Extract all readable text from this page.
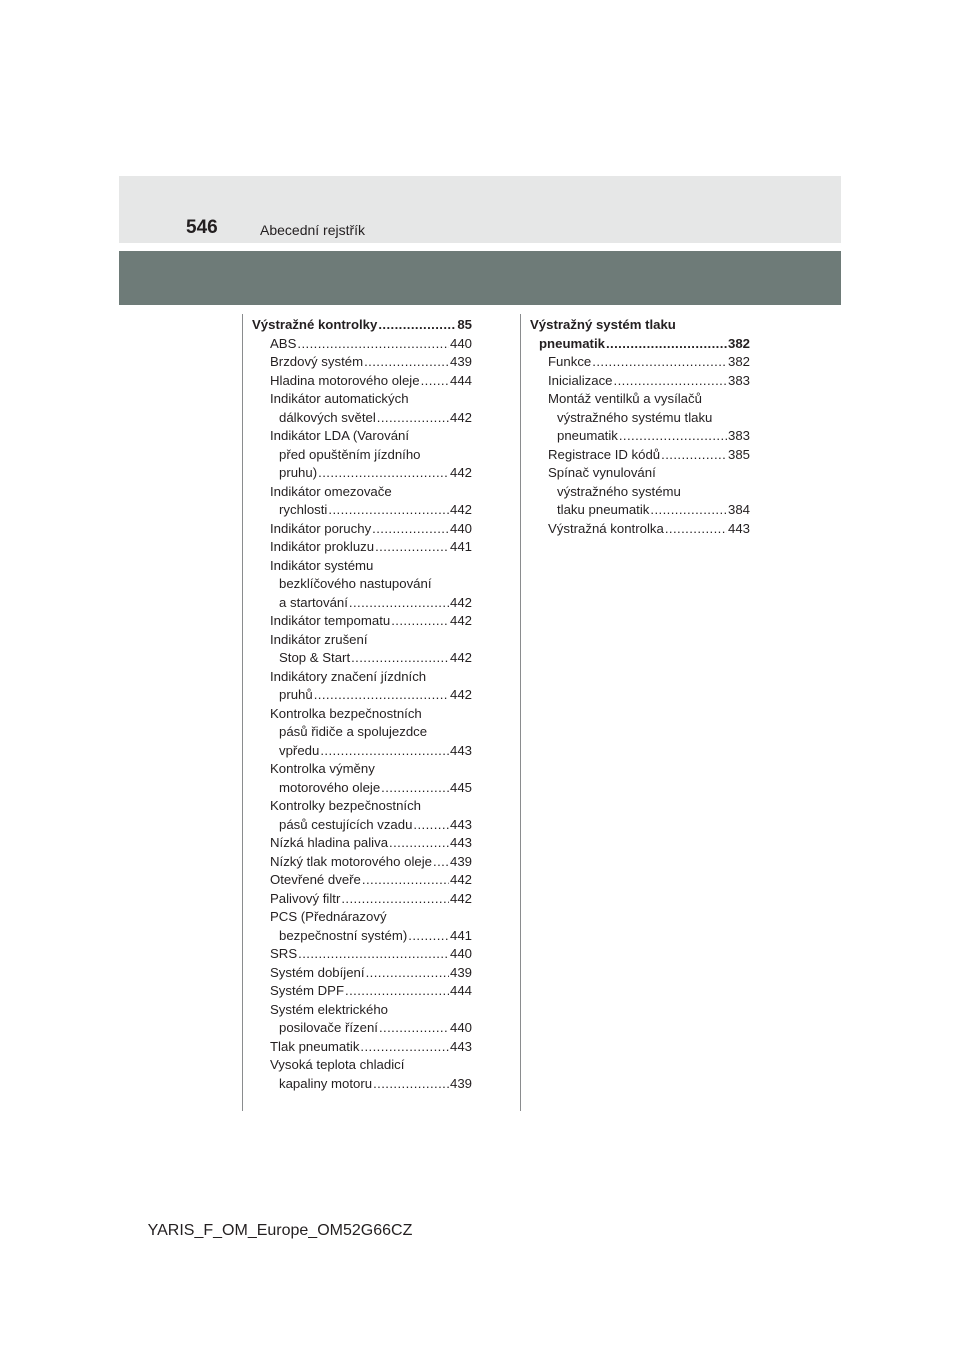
546	Abecední rejstřík
Výstražné kontrolky .....	85
ABS .....	440
Brzdový systém .....	439
Hladina motorového oleje ..... 444
Indikátor automatických
dálkových světel .....	442
Indikátor LDA (Varování
před opuštěním jízdního
pruhu) .....	442
Indikátor omezovače
rychlosti .....	442
Indikátor poruchy .....	440
Indikátor prokluzu .....	441
Indikátor systému
bezklíčového nastupování
a startování .....	442
Indikátor tempomatu .....	442
Indikátor zrušení
Stop & Start .....	442
Indikátory značení jízdních
pruhů .....	442
Kontrolka bezpečnostních
pásů řidiče a spolujezdce
vpředu .....	443
Kontrolka výměny
motorového oleje .....	445
Kontrolky bezpečnostních
pásů cestujících vzadu .....	443
Nízká hladina paliva .....	443
Nízký tlak motorového oleje ..... 439
Otevřené dveře .....	442
Palivový filtr .....	442
PCS (Přednárazový
bezpečnostní systém) .....	441
SRS .....	440
Systém dobíjení .....	439
Systém DPF .....	444
Systém elektrického
posilovače řízení .....	440
Tlak pneumatik .....	443
Vysoká teplota chladicí
kapaliny motoru .....	439
Výstražný systém tlaku
pneumatik .....	382
Funkce .....	382
Inicializace .....	383
Montáž ventilků a vysílačů
výstražného systému tlaku
pneumatik .....	383
Registrace ID kódů .....	385
Spínač vynulování
výstražného systému
tlaku pneumatik .....	384
Výstražná kontrolka .....	443
YARIS_F_OM_Europe_OM52G66CZ
